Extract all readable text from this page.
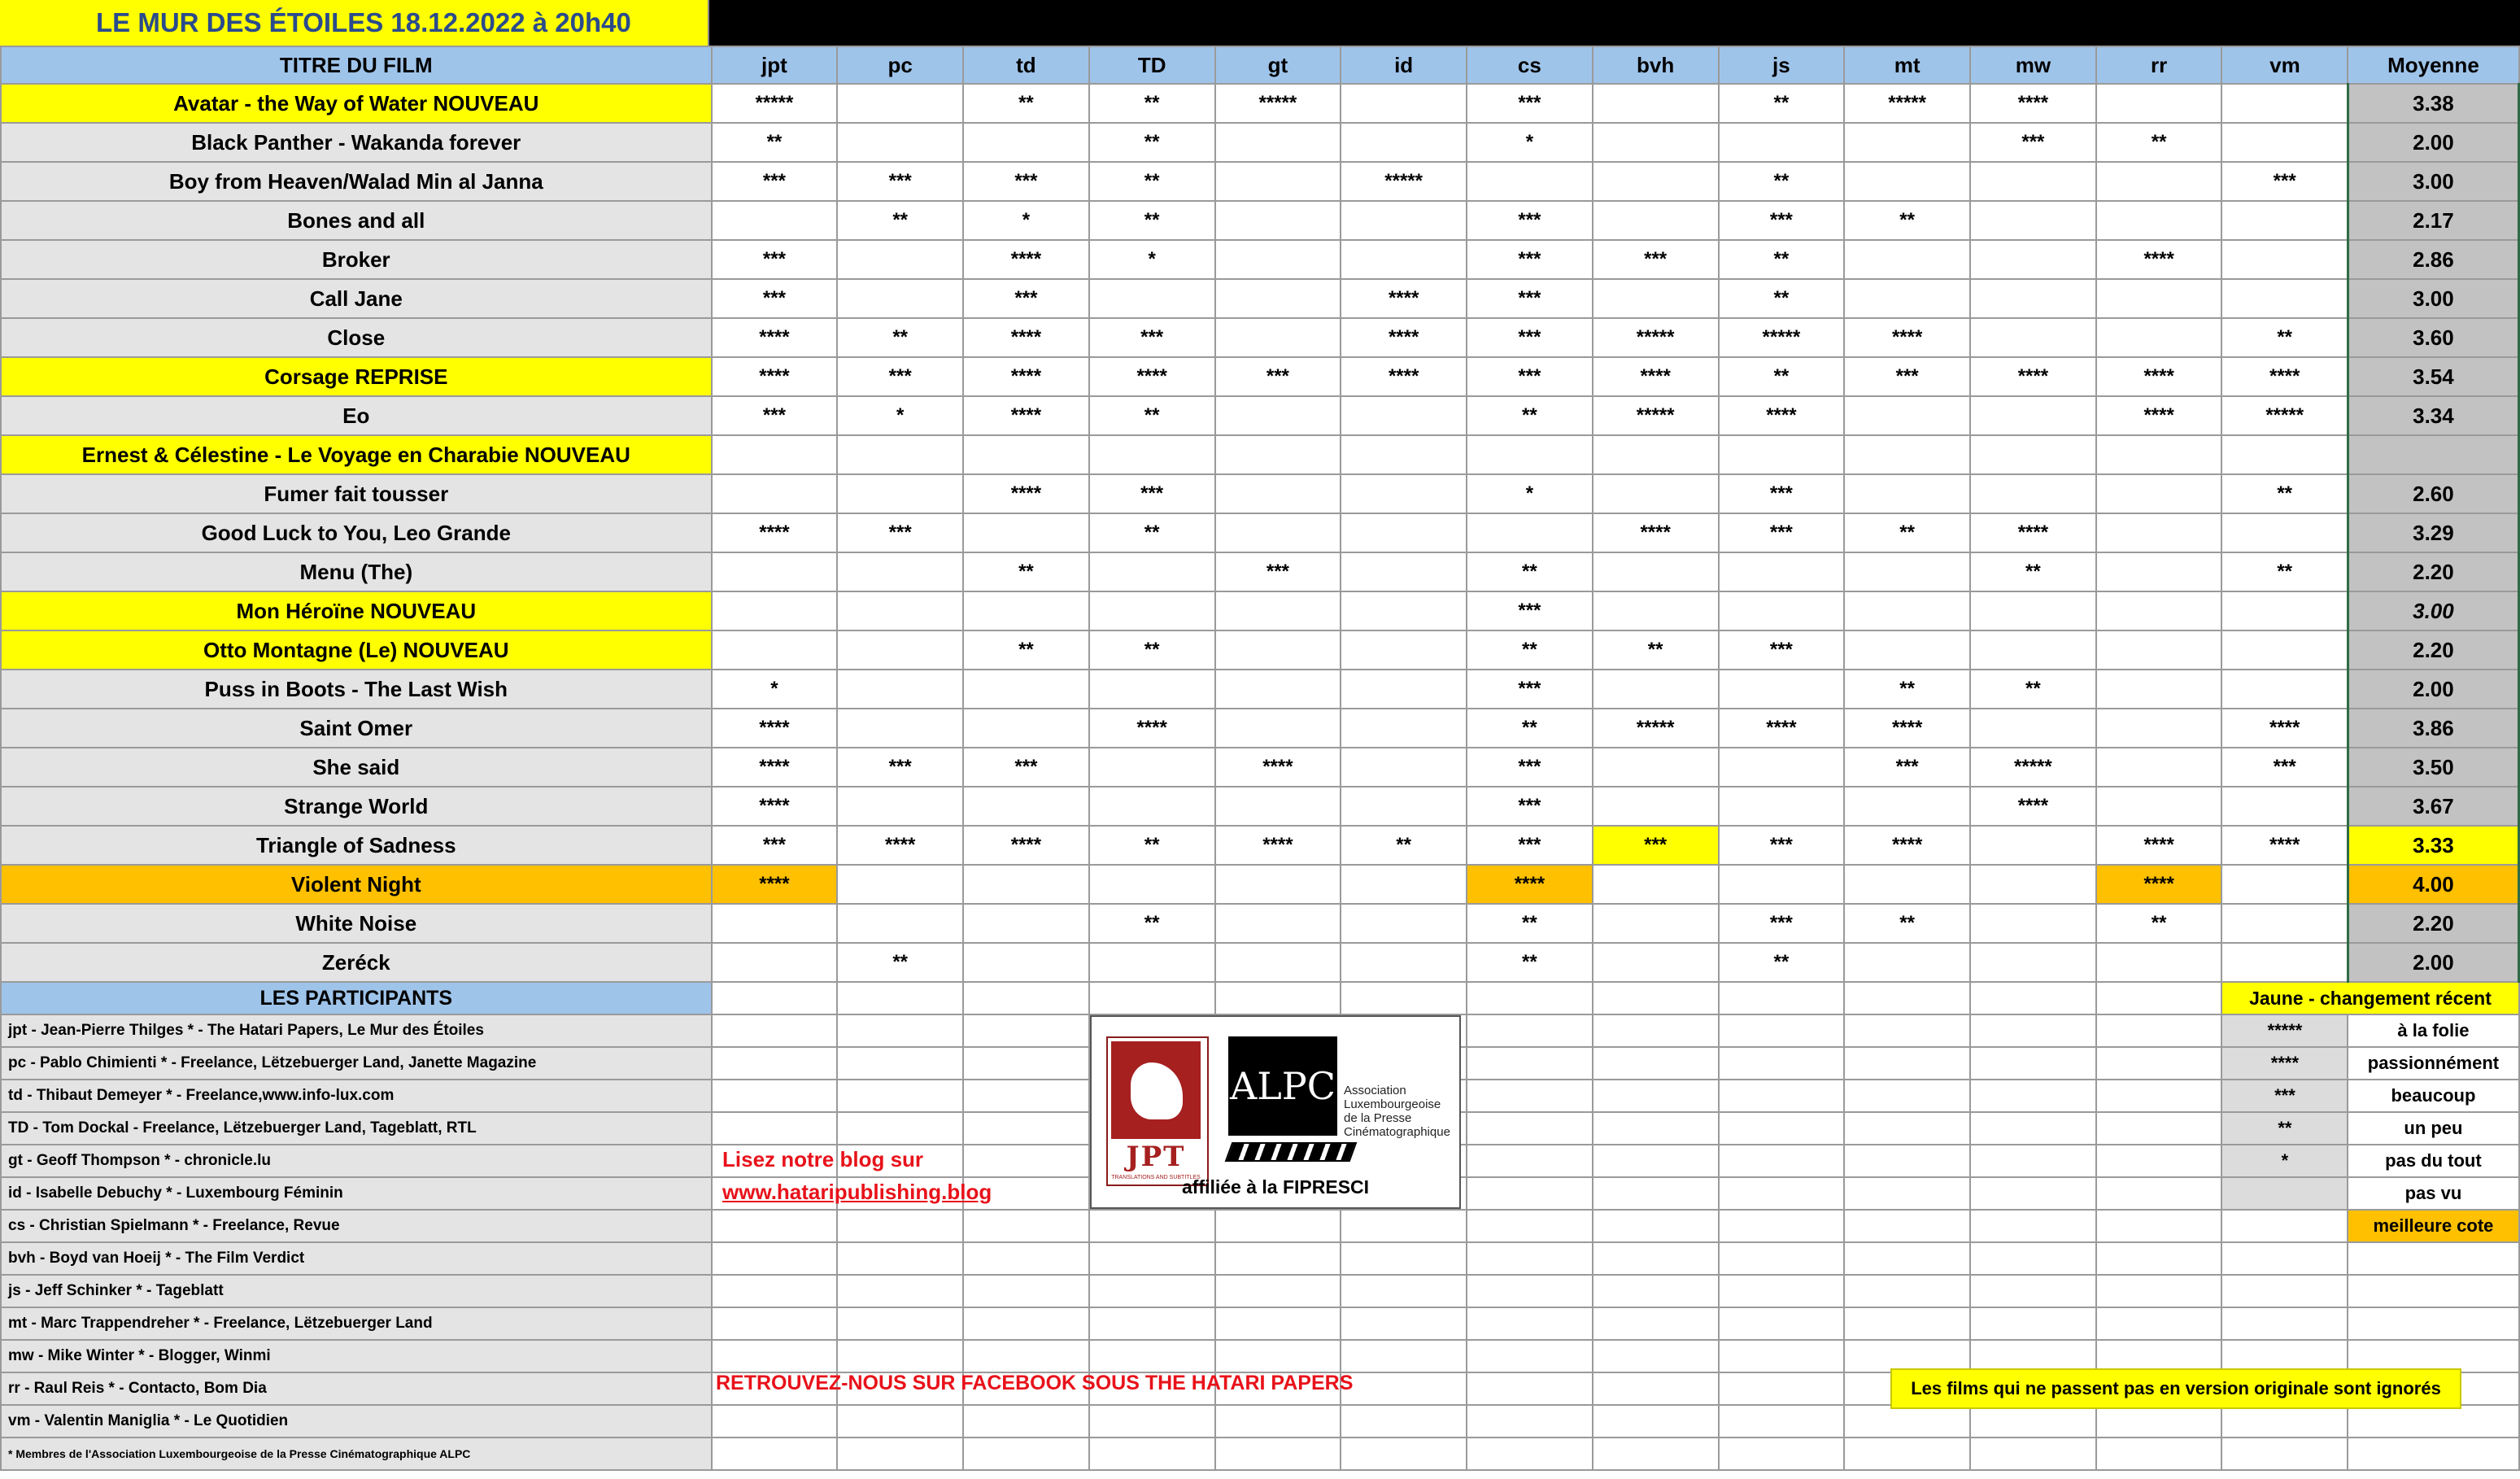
LE MUR DES ÉTOILES 18.12.2022 à 20h40
TITRE DU FILM	jpt	pc	td	TD	gt	id	cs	bvh	js	mt	mw	rr	vm	Moyenne
Avatar - the Way of Water NOUVEAU	*****		**	**	*****		***		**	*****	****			3.38
Black Panther - Wakanda forever	**			**			*				***	**		2.00
Boy from Heaven/Walad Min al Janna	***	***	***	**		*****			**				***	3.00
Bones and all		**	*	**			***		***	**				2.17
Broker	***		****	*			***	***	**			****		2.86
Call Jane	***		***			****	***		**					3.00
Close	****	**	****	***		****	***	*****	*****	****			**	3.60
Corsage REPRISE	****	***	****	****	***	****	***	****	**	***	****	****	****	3.54
Eo	***	*	****	**			**	*****	****			****	*****	3.34
Ernest & Célestine - Le Voyage en Charabie NOUVEAU														
Fumer fait tousser			****	***			*		***				**	2.60
Good Luck to You, Leo Grande	****	***		**				****	***	**	****			3.29
Menu (The)			**		***		**				**		**	2.20
Mon Héroïne NOUVEAU							***							3.00
Otto Montagne (Le) NOUVEAU			**	**			**	**	***					2.20
Puss in Boots - The Last Wish	*						***			**	**			2.00
Saint Omer	****			****			**	*****	****	****			****	3.86
She said	****	***	***		****		***			***	*****		***	3.50
Strange World	****						***				****			3.67
Triangle of Sadness	***	****	****	**	****	**	***	***	***	****		****	****	3.33
Violent Night	****						****					****		4.00
White Noise				**			**		***	**		**		2.20
Zeréck		**					**		**					2.00
LES PARTICIPANTS													Jaune - changement récent	
jpt - Jean-Pierre Thilges * - The Hatari Papers, Le Mur des Étoiles													*****	à la folie
pc - Pablo Chimienti * - Freelance, Lëtzebuerger Land, Janette Magazine													****	passionnément
td - Thibaut Demeyer * - Freelance,www.info-lux.com													***	beaucoup
TD - Tom Dockal - Freelance, Lëtzebuerger Land, Tageblatt, RTL													**	un peu
gt - Geoff Thompson * - chronicle.lu													*	pas du tout
id - Isabelle Debuchy * - Luxembourg Féminin														pas vu
cs - Christian Spielmann * - Freelance, Revue														meilleure cote
bvh - Boyd van Hoeij * - The Film Verdict														
js - Jeff Schinker * - Tageblatt														
mt - Marc Trappendreher * - Freelance, Lëtzebuerger Land														
mw - Mike Winter * - Blogger, Winmi														
rr - Raul Reis * - Contacto, Bom Dia														
vm - Valentin Maniglia * - Le Quotidien														
* Membres de l'Association Luxembourgeoise de la Presse Cinématographique ALPC														
Lisez notre blog sur
www.hataripublishing.blog
RETROUVEZ-NOUS SUR FACEBOOK SOUS THE HATARI PAPERS
JPT
TRANSLATIONS AND SUBTITLES
ALPC Association
Luxembourgeoise
de la Presse
Cinématographique
affiliée à la FIPRESCI
Les films qui ne passent pas en version originale sont ignorés
